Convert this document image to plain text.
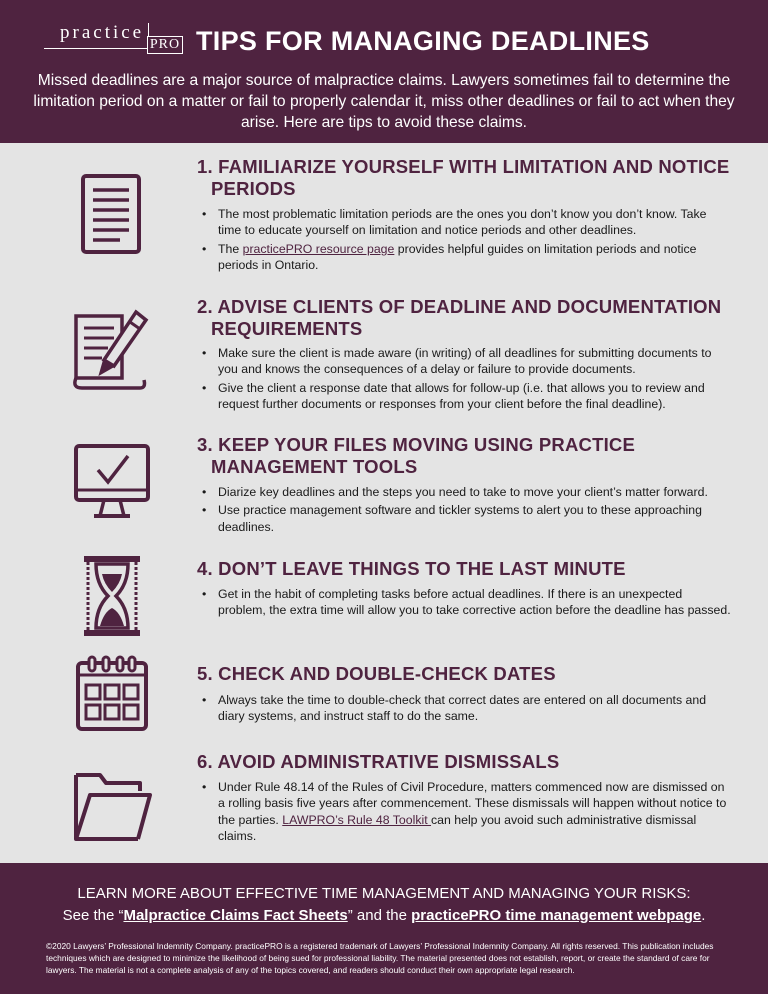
practice
PRO TIPS FOR MANAGING DEADLINES

Missed deadlines are a major source of malpractice claims. Lawyers sometimes fail to determine the limitation period on a matter or fail to properly calendar it, miss other deadlines or fail to act when they arise. Here are tips to avoid these claims.

1. FAMILIARIZE YOURSELF WITH LIMITATION AND NOTICE
PERIODS
• The most problematic limitation periods are the ones you don’t know you don’t know. Take time to educate yourself on limitation and notice periods and other deadlines.
• The practicePRO resource page provides helpful guides on limitation periods and notice periods in Ontario.
2. ADVISE CLIENTS OF DEADLINE AND DOCUMENTATION
REQUIREMENTS
• Make sure the client is made aware (in writing) of all deadlines for submitting documents to you and knows the consequences of a delay or failure to provide documents.
• Give the client a response date that allows for follow-up (i.e. that allows you to review and request further documents or responses from your client before the final deadline).
3. KEEP YOUR FILES MOVING USING PRACTICE
MANAGEMENT TOOLS
• Diarize key deadlines and the steps you need to take to move your client’s matter forward.
• Use practice management software and tickler systems to alert you to these approaching deadlines.
4. DON’T LEAVE THINGS TO THE LAST MINUTE
• Get in the habit of completing tasks before actual deadlines. If there is an unexpected problem, the extra time will allow you to take corrective action before the deadline has passed.
5. CHECK AND DOUBLE-CHECK DATES
• Always take the time to double-check that correct dates are entered on all documents and diary systems, and instruct staff to do the same.
6. AVOID ADMINISTRATIVE DISMISSALS
• Under Rule 48.14 of the Rules of Civil Procedure, matters commenced now are dismissed on a rolling basis five years after commencement. These dismissals will happen without notice to the parties. LAWPRO’s Rule 48 Toolkit can help you avoid such administrative dismissal claims.
LEARN MORE ABOUT EFFECTIVE TIME MANAGEMENT AND MANAGING YOUR RISKS:
See the “Malpractice Claims Fact Sheets” and the practicePRO time management webpage.

©2020 Lawyers’ Professional Indemnity Company. practicePRO is a registered trademark of Lawyers’ Professional Indemnity Company. All rights reserved. This publication includes techniques which are designed to minimize the likelihood of being sued for professional liability. The material presented does not establish, report, or create the standard of care for lawyers. The material is not a complete analysis of any of the topics covered, and readers should conduct their own appropriate legal research.
